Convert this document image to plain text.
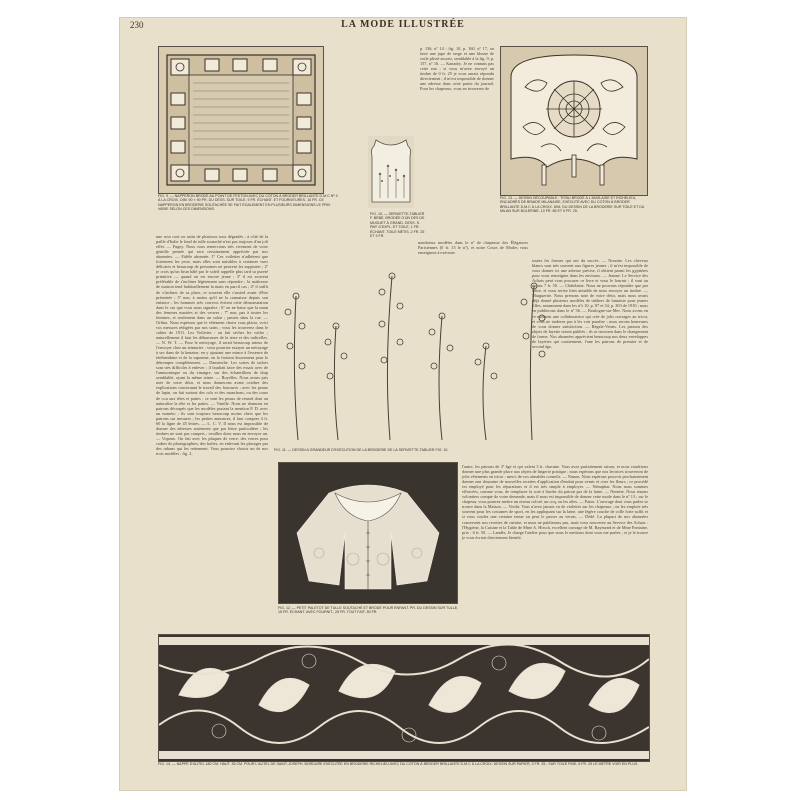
230	LA MODE ILLUSTRÉE
p. 136, nº 14 ; fig. 10, p. 160, nº 17, ou faire une jupe de serge et une blouse de voile plissé assorti, semblable à la fig. 9, p. 157, nº 16. — Kanadry. Je ne connais pas cette eau ; si vous m'avez envoyé un timbre de 0 fr. 25 je vous aurais répondu directement ; il m'est impossible de donner une adresse dans cette partie du journal. Pour les chapeaux, vous en trouverez de
FIG. 9. — NAPPERON BRODÉ AU POINT DE FESTON AVEC DU COTON À BRODER BRILLANTE D.M.C Nº 4 À LA CROIX. DIM. 90 × 90 PR. DU DESS. SUR TOILE, 9 FR. ÉCHANT. ET FOURNITURES, 16 FR. CE NAPPERON EN BRODERIE SOUTACHÉE SE FAIT ÉGALEMENT EN PLUSIEURS DIMENSIONS LE PRIX VARIE SELON CES DIMENSIONS.
FIG. 10. — SERVIETTE-TABLIER F. BÉBÉ, BRODÉE D'UN DES DE MUGUET À GRAND. DESS. S. PAP. D'EXPL. ET TOILE, 1 FR. ÉCHANT. TOILE MÉTIS, 2 FR. 25 ET 3 FR.
FIG. 13. — DESSIN DÉCOUPABLE : TISSU BRODÉ À L'ANGLAISE ET RICHELIEU, ENCADRÉS DE BRAIDE MILANAISE, EXÉCUTÉ AVEC DU COTON À BRODER BRILLANTE D.M.C À LA CROIX. DIM. DU DESSIN DE LA BRODERIE SUR TOILE ET DU MILAN SUR BOLERINE, 10 FR. 85 ET 9 FR. 25.
une rose rose ou satin de plusieurs tons dégradés ; à côté de la paille d'Italie le fond de tulle soutaché n'est pas toujours d'un joli effet. — Fugey. Nous vous remercions très vivement de votre gentille pensée qui sera certainement appréciée par nos abonnées. — Fidèle abonnée. 1º Ces voilettes n'adhèrent que fortement les yeux, mais elles sont nuisibles à certaines vues délicates et beaucoup de personnes ne peuvent les supporter ; 2º je crois qu'un brun hâlé par le soleil rappelle plus tard sa pureté primitive — quand on est encore jeune ; 3º il est souvent préférable de s'incliner légèrement sans répondre ; la maîtresse de maison tend habituellement la main en parcil cas ; 4º il suffit de s'incliner de sa place, et souvent elle s'assied avant d'être présentée ; 5º non, à moins qu'il ne la connaisse depuis son enfance ; les hommes très corrects évitent cette démonstration dans le cas que vous nous signalez ; 6º on ne baise que la main des femmes mariées et des veuves ; 7º non, pas à toutes les femmes, et seulement dans un salon ; jamais dans la rue. — Orfina. Nous espérons que le vêtement choisi vous plaira, voici vos mesures rédigées par nos soins ; vous les trouverez dans le cahier de 1911. Les Voilettes : on fait sécher les voiles ; naturellement il faut les débarrasser de la terre et des radicelles. — N. W. T. — Pour le nettoyage, il serait beaucoup mieux de l'envoyer chez un teinturier ; vous pourriez essayer un nettoyage à sec dans de la benzine, en y ajoutant une mince à l'essence de térébenthine et de la saponine, en la frottant doucement pour le détremper complètement. — Damenche. Les sortes de taches sont très difficiles à enlever ; il faudrait faire des essais avec de l'ammoniaque ou du vinaigre, sur des échantillons de drap semblable, ayant la même teinte. — Royelles. Nous avons pris note de votre désir, et nous donnerons avant octobre des explications concernant le travail des fourrures ; avec les peaux de lapin, on fait surtout des cols et des manchons, ou des tours de cou aux têtes et pattes ; ce sont les peaux de renard dont on naturalise la tête et les pattes. — Vanille. Nous ne donnons en patrons découpés que les modèles portant la mention P. D. avec un numéro ; ils sont toujours beaucoup moins chers que les patrons sur mesures ; les petites annonces, il faut compter 4 fr. 60 la ligne de 45 lettres. — L. C. V. Il nous est impossible de donner des adresses autrement que par lettre particulière ; les timbres ne sont pas compris ; veuillez donc nous en envoyer un. — Vopono. On fait avec les plaques de verre, des verres pour cadres de photographies, des boîtes, en enlevant les placages par des rubans qui les retiennent. Vous pourriez choisir un de nos trois modèles : fig. 2,
nombreux modèles dans le nº de chapeaux des Élégances Parisiennes (0 fr. 15 le nº), et notre Cours de Modes vous enseignera à exécuter
FIG. 11. — DESSIN A GRANDEUR D'EXÉCUTION DE LA BRODERIE DE LA SERVIETTE-TABLIER FIG. 10.
toutes les formes qui ont du succès. — Nonotte. Les cheveux blancs sont très souvent aux figures jeunes ; il m'est impossible de vous donner ici une adresse précise, il obtient parmi les gyptières pour vous renseigner dans les environs. — Jeanne. Le Service des Achats peut vous procurer ce livre et vous le fournir ; il vaut au moins 7 fr. 50. — Châtelaine. Nous ne pouvons répondre que par lettre, et vous seriez bien aimable de nous envoyer un timbre. — Marguerite. Nous prenons note de votre désir, mais nous avons déjà donné plusieurs modèles de tabliers de fantaisie pour jeunes filles, notamment dans les nºs 10, p. 87 et 34, p. 303 de 1910 ; nous en publierons dans le nº 36. — Boulogne-sur-Mer. Nous avons en ce moment une collaboratrice qui crée de jolis ouvrages au tricot, et vous ne tarderez pas à les voir paraître ; nous serons heureuses de vous donner satisfaction. — Régale-Vernis. Les patrons des objets de layette seront publiés ; ils se trouvent dans le changement de forme. Nos abonnées apprécient beaucoup nos deux enveloppes de layettes qui contiennent, l'une les patrons de premier et de second âge,
FIG. 12. — PETIT PALETOT DE TULLE SOUTACHÉ ET BRODÉ POUR ENFANT. PR. DU DESSIN SUR TULLE, 15 FR. ÉCHANT. AVEC FOURNIT., 25 FR. TOUT FAIT, 50 FR.
l'autre, les patrons de 3º âge et qui valent 3 fr. chacune. Vous avez parfaitement raison, et nous voudrions donner une plus grande place aux objets de lingerie pratique ; nous espérons que nos lectrices trouveront de jolis vêtements en tricot ; merci de vos aimables conseils. — Nanon. Nous espérons pouvoir prochainement donner une douzaine de nouvelles recettes d'application d'enduit pour vernir et cirer les fleurs ; ce procédé est employé pour les réparations et il est très simple à employer. — Nénuphar. Nous nous sommes efforcées, comme vous, de remplacer la soie à broder du patron par de la laine. — Nenette. Nous tenons volontiers compte de votre demande, mais il nous est impossible de donner cette mode dans le nº 13 ; sur le chapeau, vous pourrez mettre un oiseau coloré, un coq, ou les ailes. — Patou. L'ouvrage dont vous parlez se trouve dans la Maison. — Verdir. Vous n'avez jamais vu de violettes sur les chapeaux ; on les emploie très souvent pour les costumes de sport, en les appliquant sur la laine, une légère couche de colle forte suffit et si vous voulez une certaine tenue on peut le passer au vernis. — Dédé. La plupart de nos abonnées conservent nos recettes de cuisine, et nous ne publierons pas, mais vous trouverez au Service des Achats : l'Hygiène, la Cuisine et la Table de Mme A. Hirsch, excellent ouvrage de M. Raymond et de Mme Fontaine, prix : 6 fr. 50. — Landès. Je charge l'atelier pour que nous le mettions dont vous me parlez ; et je le trouve je vous écrirai directement bientôt.
FIG. 14. — NAPPE D'AUTEL 180 CM. HAUT. 35 CM. POUR L'AUTEL DE SAINT-JOSEPH. BORDURE EXÉCUTÉE EN BRODERIE RICHELIEU AVEC DU COTON À BRODER BRILLANTE D.M.C À LA CROIX. DESSIN SUR PAPIER, 3 FR. 25 ; SUR TOILE FINE, 6 FR. 25 LE MÈTRE VOIR EN PLUS.
